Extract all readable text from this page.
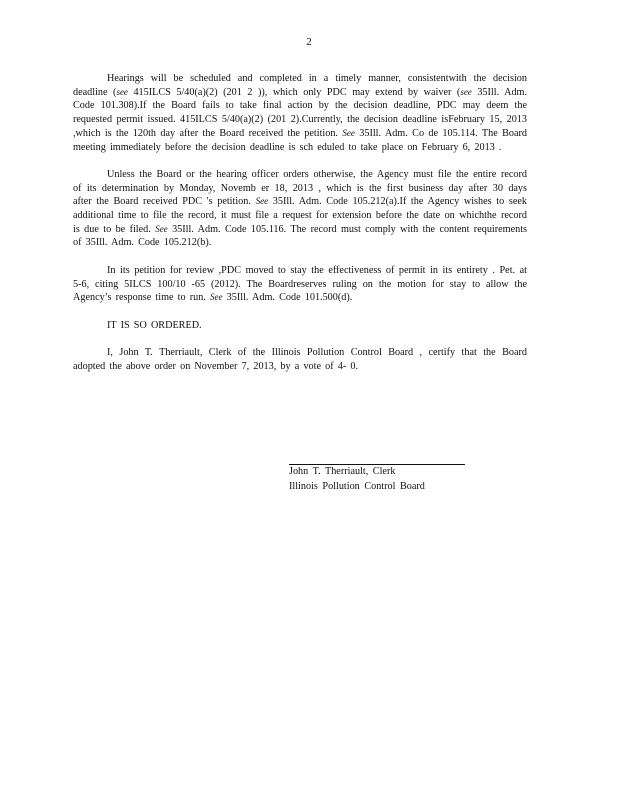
2

Hearings will be scheduled and completed in a timely manner, consistentwith the decision deadline (see 415ILCS 5/40(a)(2) (201 2 )), which only PDC may extend by waiver (see 35Ill. Adm. Code 101.308).If the Board fails to take final action by the decision deadline, PDC may deem the requested permit issued. 415ILCS 5/40(a)(2) (201 2).Currently, the decision deadline isFebruary 15, 2013 ,which is the 120th day after the Board received the petition. See 35Ill. Adm. Co de 105.114. The Board meeting immediately before the decision deadline is sch eduled to take place on February 6, 2013 .

Unless the Board or the hearing officer orders otherwise, the Agency must file the entire record of its determination by Monday, Novemb er 18, 2013 , which is the first business day after 30 days after the Board received PDC 's petition. See 35Ill. Adm. Code 105.212(a).If the Agency wishes to seek additional time to file the record, it must file a request for extension before the date on whichthe record is due to be filed. See 35Ill. Adm. Code 105.116. The record must comply with the content requirements of 35Ill. Adm. Code 105.212(b).

In its petition for review ,PDC moved to stay the effectiveness of permit in its entirety . Pet. at 5-6, citing 5ILCS 100/10 -65 (2012). The Boardreserves ruling on the motion for stay to allow the Agency’s response time to run. See 35Ill. Adm. Code 101.500(d).

IT IS SO ORDERED.

I, John T. Therriault, Clerk of the Illinois Pollution Control Board , certify that the Board adopted the above order on November 7, 2013, by a vote of 4- 0.

John T. Therriault, Clerk
Illinois Pollution Control Board
